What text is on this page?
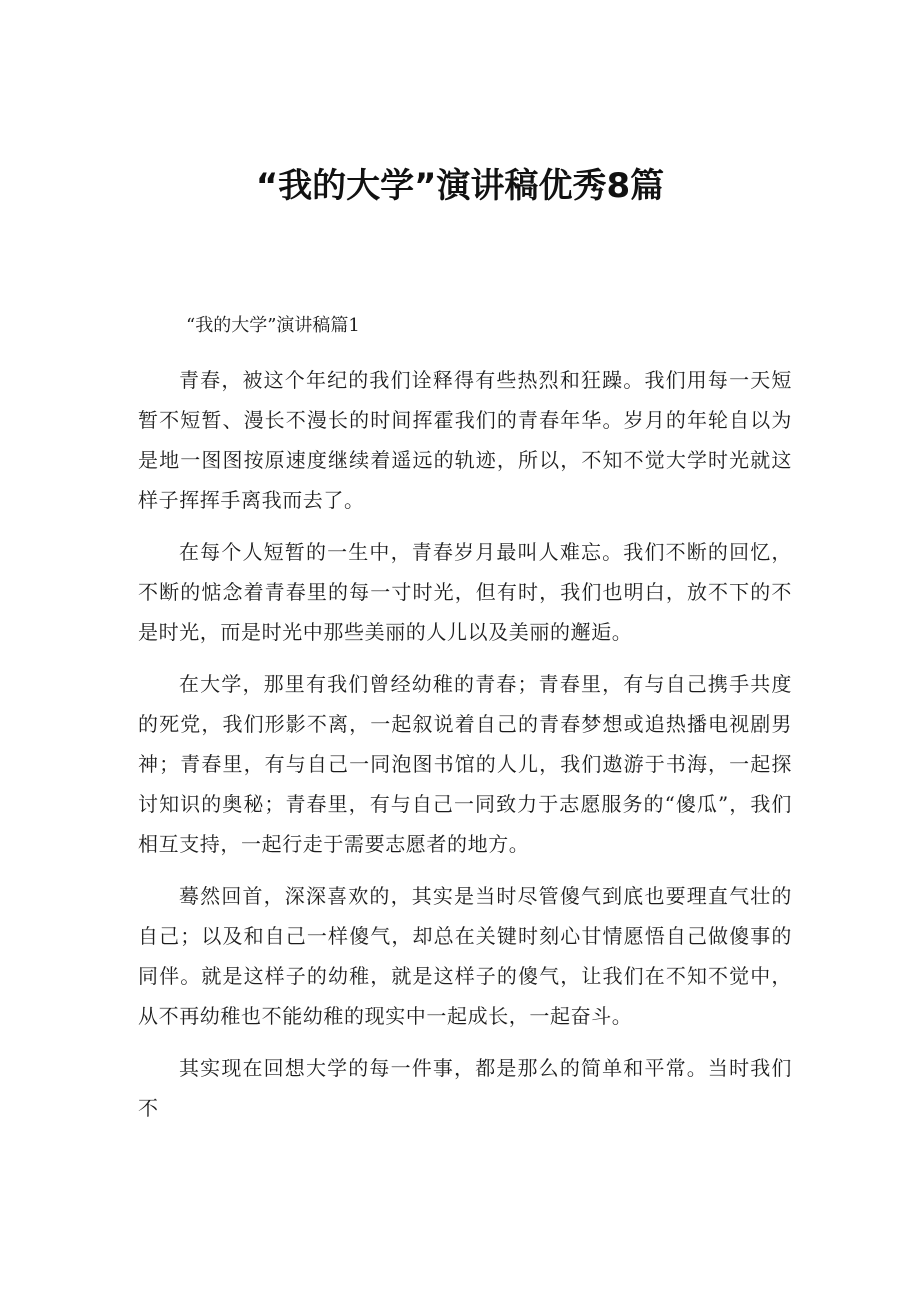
“我的大学”演讲稿优秀8篇

“我的大学”演讲稿篇1

青春，被这个年纪的我们诠释得有些热烈和狂躁。我们用每一天短暂不短暂、漫长不漫长的时间挥霍我们的青春年华。岁月的年轮自以为是地一图图按原速度继续着遥远的轨迹，所以，不知不觉大学时光就这样子挥挥手离我而去了。

在每个人短暂的一生中，青春岁月最叫人难忘。我们不断的回忆，不断的惦念着青春里的每一寸时光，但有时，我们也明白，放不下的不是时光，而是时光中那些美丽的人儿以及美丽的邂逅。

在大学，那里有我们曾经幼稚的青春；青春里，有与自己携手共度的死党，我们形影不离，一起叙说着自己的青春梦想或追热播电视剧男神；青春里，有与自己一同泡图书馆的人儿，我们遨游于书海，一起探讨知识的奥秘；青春里，有与自己一同致力于志愿服务的“傻瓜”，我们相互支持，一起行走于需要志愿者的地方。

蓦然回首，深深喜欢的，其实是当时尽管傻气到底也要理直气壮的自己；以及和自己一样傻气，却总在关键时刻心甘情愿悟自己做傻事的同伴。就是这样子的幼稚，就是这样子的傻气，让我们在不知不觉中，从不再幼稚也不能幼稚的现实中一起成长，一起奋斗。

其实现在回想大学的每一件事，都是那么的简单和平常。当时我们不
